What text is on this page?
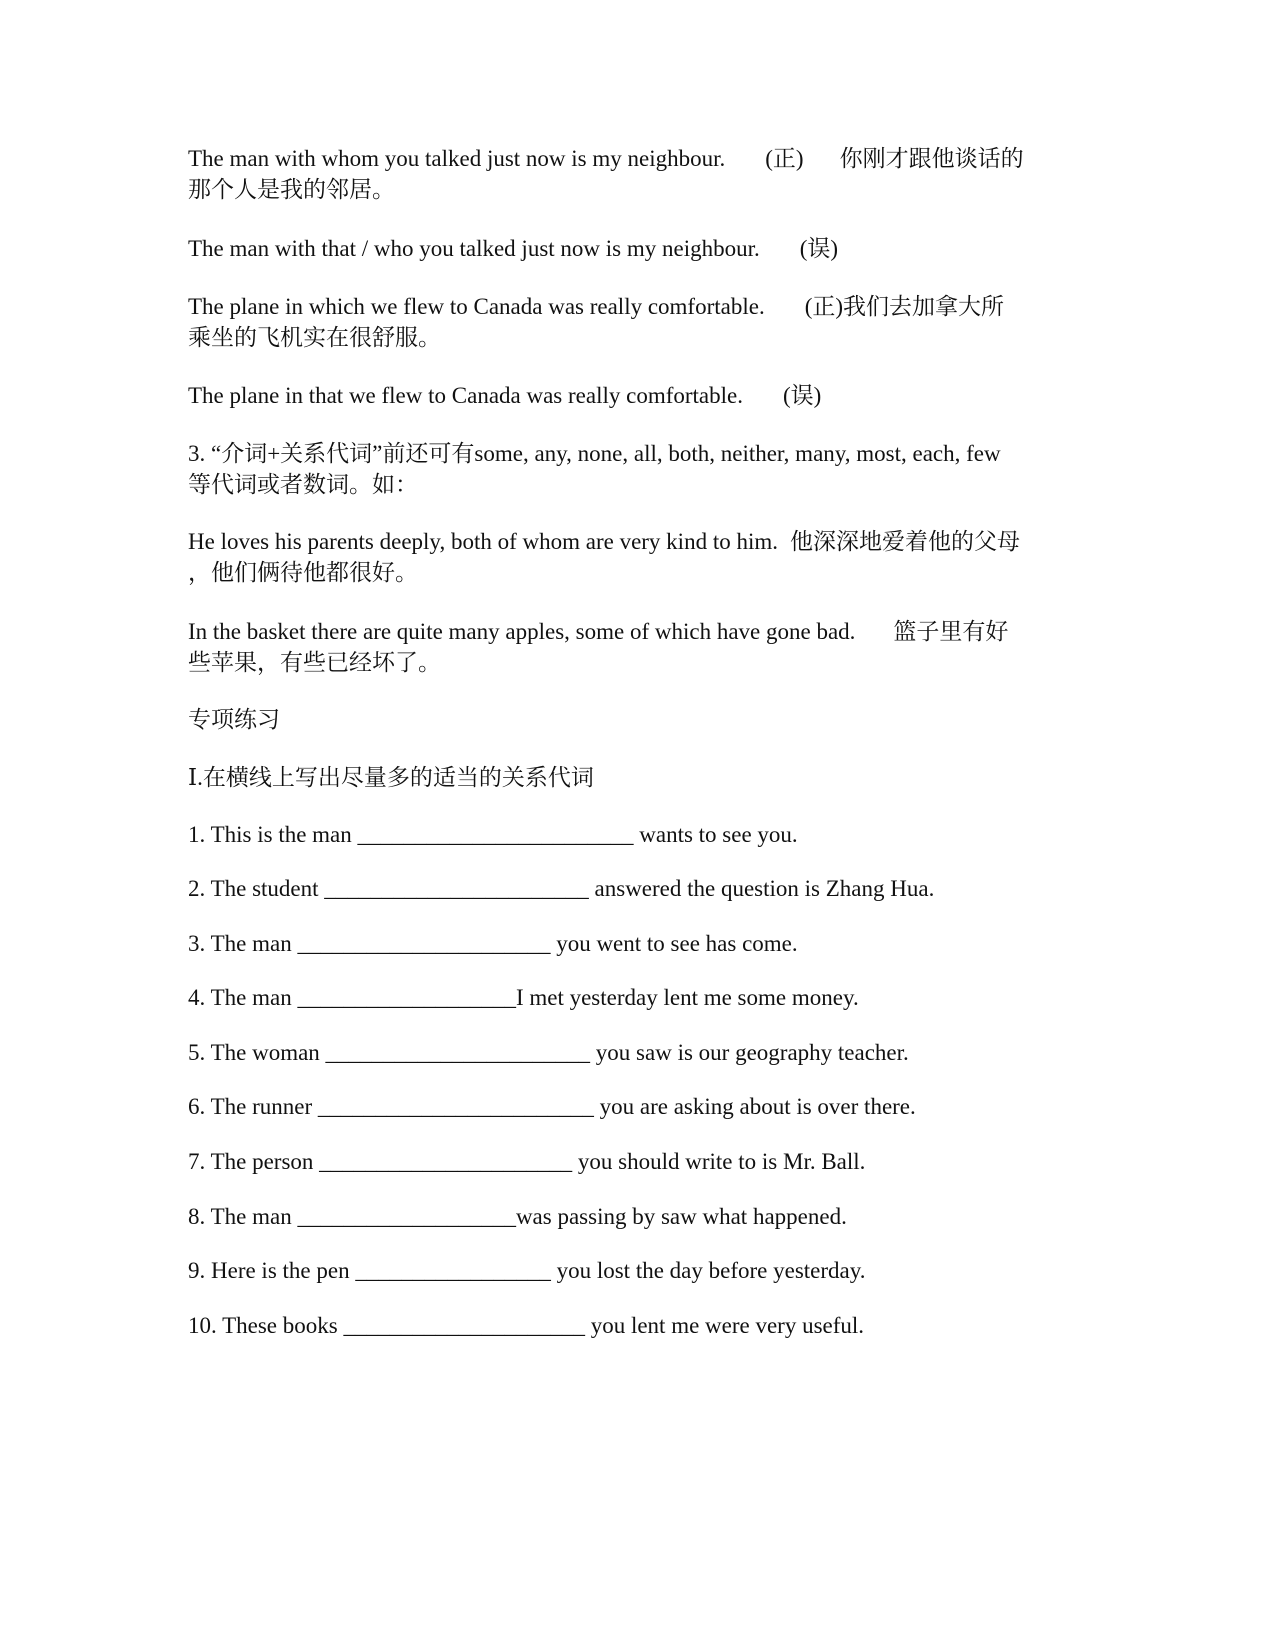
The man with whom you talked just now is my neighbour. (正) 你刚才跟他谈话的
那个人是我的邻居。

The man with that / who you talked just now is my neighbour. (误)

The plane in which we flew to Canada was really comfortable. (正)我们去加拿大所
乘坐的飞机实在很舒服。

The plane in that we flew to Canada was really comfortable. (误)

3. “介词+关系代词”前还可有some, any, none, all, both, neither, many, most, each, few
等代词或者数词。如：

He loves his parents deeply, both of whom are very kind to him. 他深深地爱着他的父母
，他们俩待他都很好。

In the basket there are quite many apples, some of which have gone bad. 篮子里有好
些苹果，有些已经坏了。

专项练习

Ⅰ.在横线上写出尽量多的适当的关系代词

1. This is the man ________________________ wants to see you.

2. The student _______________________ answered the question is Zhang Hua.

3. The man ______________________ you went to see has come.

4. The man ___________________I met yesterday lent me some money.

5. The woman _______________________ you saw is our geography teacher.

6. The runner ________________________ you are asking about is over there.

7. The person ______________________ you should write to is Mr. Ball.

8. The man ___________________was passing by saw what happened.

9. Here is the pen _________________ you lost the day before yesterday.

10. These books _____________________ you lent me were very useful.
